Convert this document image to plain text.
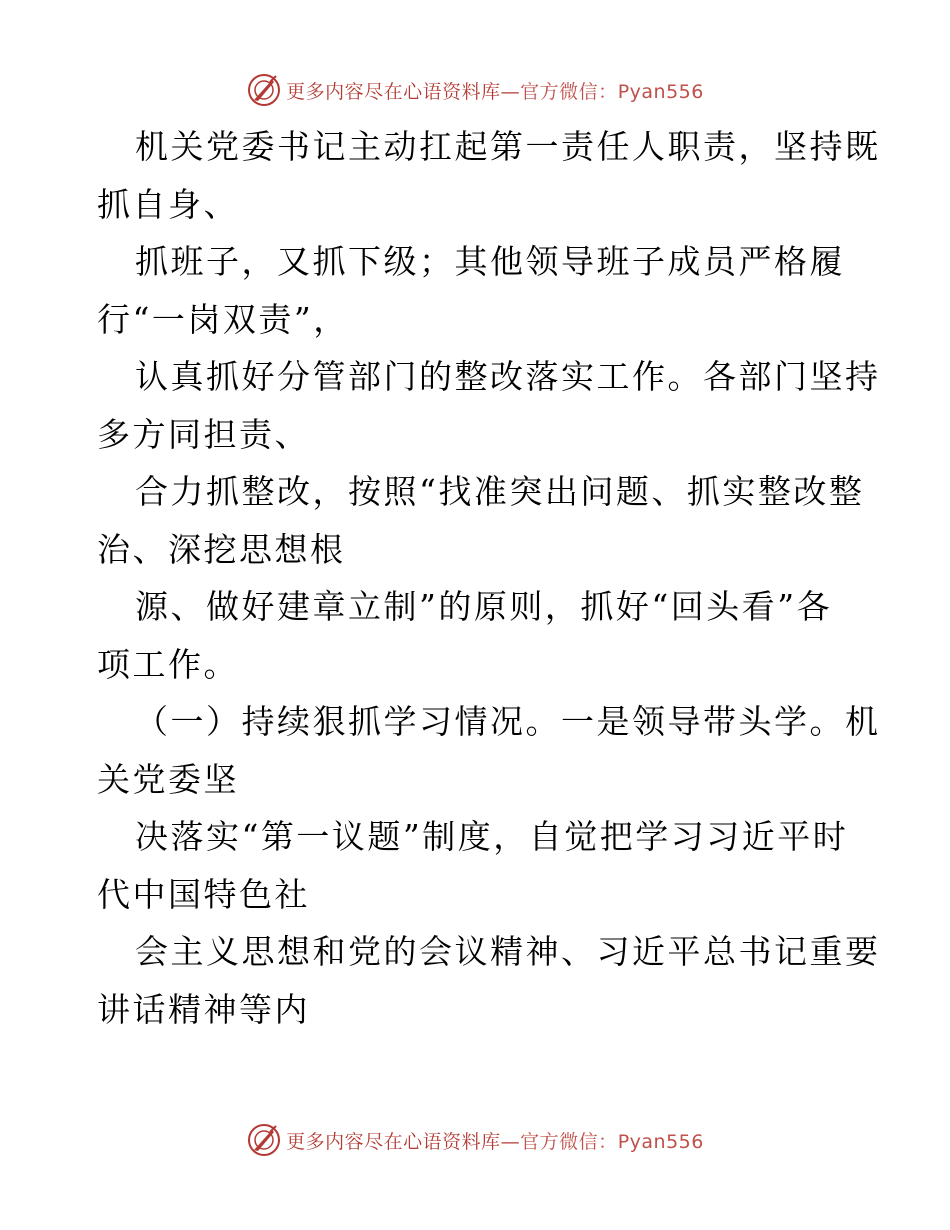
更多内容尽在心语资料库—官方微信：Pyan556
机关党委书记主动扛起第一责任人职责，坚持既
抓自身、
抓班子，又抓下级；其他领导班子成员严格履
行“一岗双责”，
认真抓好分管部门的整改落实工作。各部门坚持
多方同担责、
合力抓整改，按照“找准突出问题、抓实整改整
治、深挖思想根
源、做好建章立制”的原则，抓好“回头看”各
项工作。
（一）持续狠抓学习情况。一是领导带头学。机
关党委坚
决落实“第一议题”制度，自觉把学习习近平时
代中国特色社
会主义思想和党的会议精神、习近平总书记重要
讲话精神等内
更多内容尽在心语资料库—官方微信：Pyan556
